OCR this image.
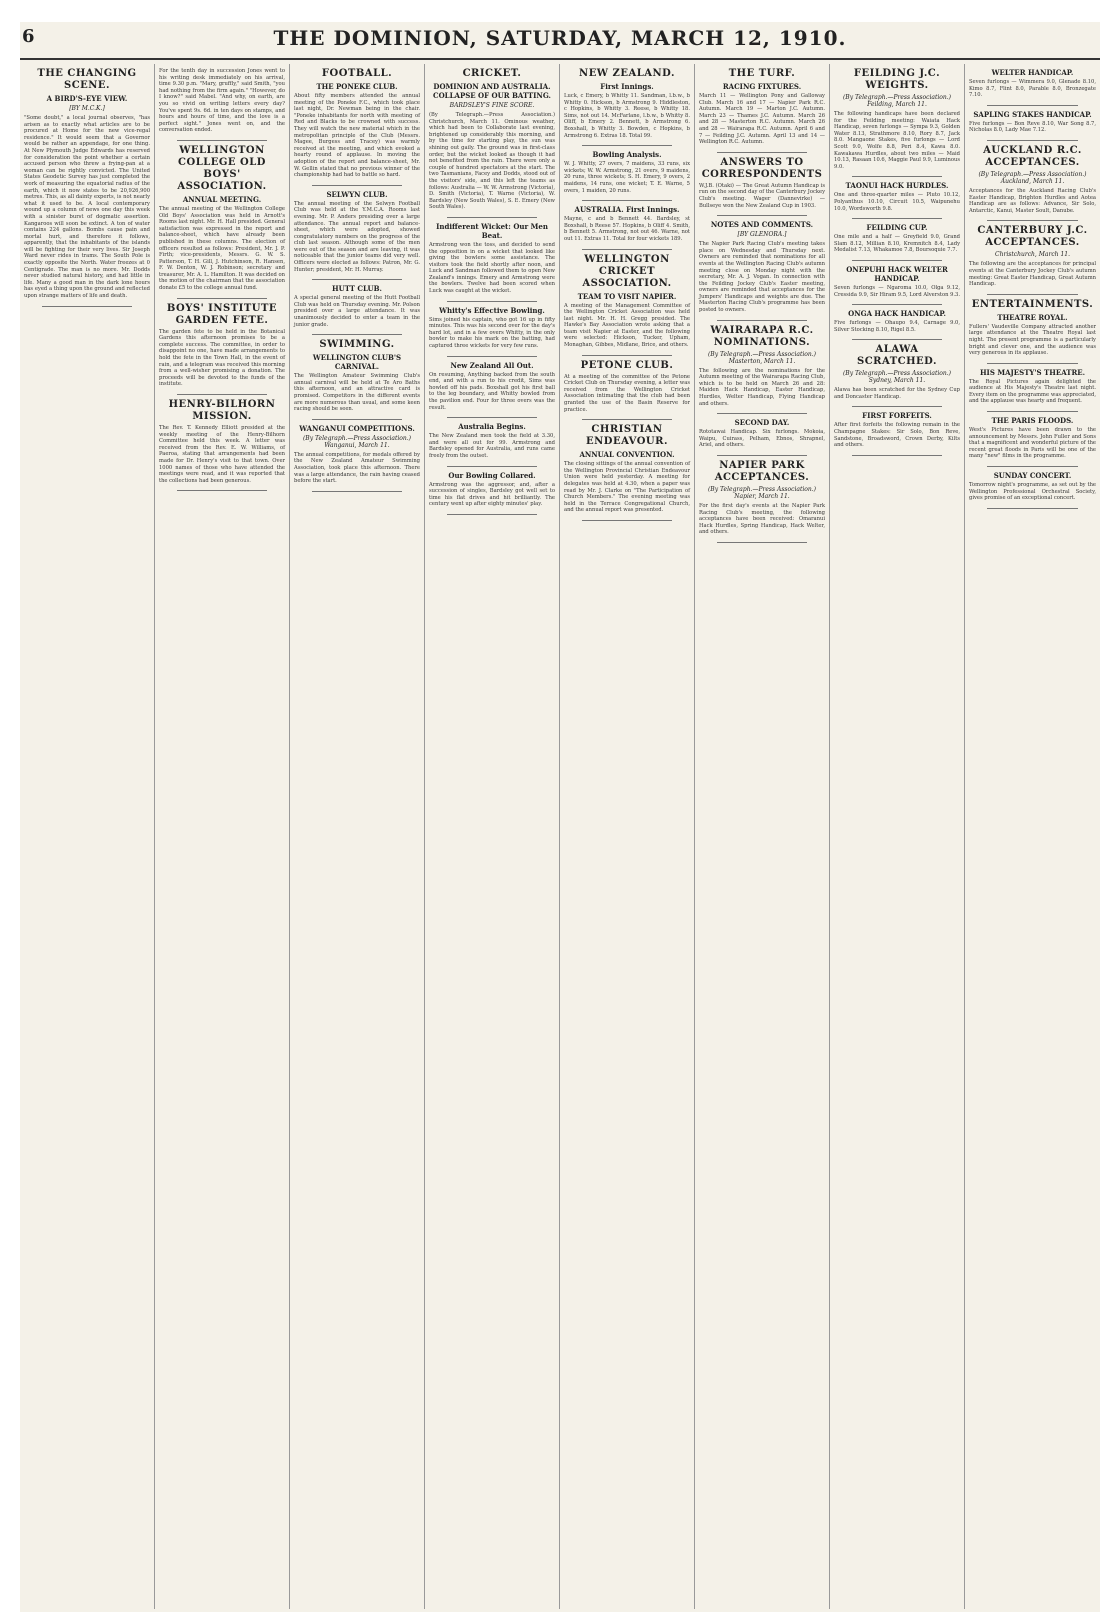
6	THE DOMINION, SATURDAY, MARCH 12, 1910.
THE CHANGING SCENE.
A BIRD'S-EYE VIEW.
[BY M.C.K.]
"Some doubt," a local journal observes, "has arisen as to exactly what articles are to be procured at Home for the new vice-regal residence." It would seem that a Governor would be rather an appendage, for one thing. At New Plymouth Judge Edwards has reserved for consideration the point whether a certain accused person who threw a frying-pan at a woman can be rightly convicted. The United States Geodetic Survey has just completed the work of measuring the equatorial radius of the earth, which it now states to be 20,926,900 metres. This, as all dainty experts, is not nearly what it used to be. A local contemporary wound up a column of news one day this week with a sinister burst of dogmatic assertion. Kangaroos will soon be extinct. A ton of water contains 224 gallons. Bombs cause pain and mortal hurt, and therefore it follows, apparently, that the inhabitants of the islands will be fighting for their very lives. Sir Joseph Ward never rides in trams. The South Pole is exactly opposite the North. Water freezes at 0 Centigrade. The man is no more. Mr. Dodds never studied natural history, and had little in life. Many a good man in the dark lone hours has eyed a thing upon the ground and reflected upon strange matters of life and death.
For the tenth day in succession Jones went to his writing desk immediately on his arrival, time 9.30 p.m. "Mary, gruffly," said Smith, "you had nothing from the firm again." "However, do I know?" said Mabel. "And why, on earth, are you so vivid on writing letters every day? You've spent 9s. 6d. in ten days on stamps, and hours and hours of time, and the love is a perfect sight." Jones went on, and the conversation ended.
WELLINGTON COLLEGE OLD BOYS' ASSOCIATION.
ANNUAL MEETING.
The annual meeting of the Wellington College Old Boys' Association was held in Arnott's Rooms last night. Mr. H. Hall presided. General satisfaction was expressed in the report and balance-sheet, which have already been published in these columns. The election of officers resulted as follows: President, Mr. J. P. Firth; vice-presidents, Messrs. G. W. S. Patterson, T. H. Gill, J. Hutchinson, R. Hansen, F. W. Denton, W. J. Robinson; secretary and treasurer, Mr. A. L. Hamilton. It was decided on the motion of the chairman that the association donate £5 to the college annual fund.
BOYS' INSTITUTE GARDEN FETE.
The garden fete to be held in the Botanical Gardens this afternoon promises to be a complete success. The committee, in order to disappoint no one, have made arrangements to hold the fete in the Town Hall, in the event of rain, and a telegram was received this morning from a well-wisher promising a donation. The proceeds will be devoted to the funds of the institute.
HENRY-BILHORN MISSION.
The Rev. T. Kennedy Elliott presided at the weekly meeting of the Henry-Bilhorn Committee held this week. A letter was received from the Rev. E. W. Williams, of Paeroa, stating that arrangements had been made for Dr. Henry's visit to that town. Over 1000 names of those who have attended the meetings were read, and it was reported that the collections had been generous.
FOOTBALL.
THE PONEKE CLUB.
About fifty members attended the annual meeting of the Poneke F.C., which took place last night, Dr. Newman being in the chair. "Poneke inhabitants for north with meeting of Red and Blacks to be crowned with success. They will watch the new material which in the metropolitan principle of the Club (Messrs. Magee, Burgess and Tracey) was warmly received at the meeting, and which evoked a hearty round of applause. In moving the adoption of the report and balance-sheet, Mr. W. Gellin stated that no previous winner of the championship had had to battle so hard.
SELWYN CLUB.
The annual meeting of the Selwyn Football Club was held at the Y.M.C.A. Rooms last evening. Mr. P. Anders presiding over a large attendance. The annual report and balance-sheet, which were adopted, showed congratulatory numbers on the progress of the club last season. Although some of the men were out of the season and are leaving, it was noticeable that the junior teams did very well. Officers were elected as follows: Patron, Mr. G. Hunter; president, Mr. H. Murray.
HUTT CLUB.
A special general meeting of the Hutt Football Club was held on Thursday evening. Mr. Polson presided over a large attendance. It was unanimously decided to enter a team in the junior grade.
SWIMMING.
WELLINGTON CLUB'S CARNIVAL.
The Wellington Amateur Swimming Club's annual carnival will be held at Te Aro Baths this afternoon, and an attractive card is promised. Competitors in the different events are more numerous than usual, and some keen racing should be seen.
WANGANUI COMPETITIONS.
(By Telegraph.—Press Association.) Wanganui, March 11.
The annual competitions, for medals offered by the New Zealand Amateur Swimming Association, took place this afternoon. There was a large attendance, the rain having ceased before the start.
CRICKET.
DOMINION AND AUSTRALIA. COLLAPSE OF OUR BATTING.
BARDSLEY'S FINE SCORE.
(By Telegraph.—Press Association.) Christchurch, March 11. Ominous weather, which had been to Collaborate last evening, brightened up considerably this morning, and by the time for starting play, the sun was shining out gaily. The ground was in first-class order, but the wicket looked as though it had not benefited from the rain. There were only a couple of hundred spectators at the start. The two Tasmanians, Facey and Dodds, stood out of the visitors' side, and this left the teams as follows: Australia — W. W. Armstrong (Victoria), D. Smith (Victoria), T. Warne (Victoria), W. Bardsley (New South Wales), S. E. Emery (New South Wales).
Indifferent Wicket: Our Men Beat.
Armstrong won the toss, and decided to send the opposition in on a wicket that looked like giving the bowlers some assistance. The visitors took the field shortly after noon, and Luck and Sandman followed them to open New Zealand's innings. Emery and Armstrong were the bowlers. Twelve had been scored when Luck was caught at the wicket.
Whitty's Effective Bowling.
Sims joined his captain, who got 16 up in fifty minutes. This was his second over for the day's hard lot, and in a few overs Whitty, in the only bowler to make his mark on the batting, had captured three wickets for very few runs.
New Zealand All Out.
On resuming, Anything backed from the south end, and with a run to his credit, Sims was howled off his pads. Boxshall got his first ball to the leg boundary, and Whitty bowled from the pavilion end. Four for three overs was the result.
Australia Begins.
The New Zealand men took the field at 3.30, and were all out for 99. Armstrong and Bardsley opened for Australia, and runs came freely from the outset.
Our Bowling Collared.
Armstrong was the aggressor, and, after a succession of singles, Bardsley got well set to time his flat drives and hit brilliantly. The century went up after eighty minutes' play.
NEW ZEALAND.
First Innings.
Luck, c Emery, b Whitty 11. Sandman, l.b.w., b Whitty 0. Hickson, b Armstrong 9. Hiddleston, c Hopkins, b Whitty 3. Reese, b Whitty 18. Sims, not out 14. McFarlane, l.b.w., b Whitty 8. Oliff, b Emery 2. Bennett, b Armstrong 6. Boxshall, b Whitty 3. Bowden, c Hopkins, b Armstrong 6. Extras 18. Total 99.
Bowling Analysis.
W. J. Whitty, 27 overs, 7 maidens, 33 runs, six wickets; W. W. Armstrong, 21 overs, 9 maidens, 20 runs, three wickets; S. H. Emery, 9 overs, 2 maidens, 14 runs, one wicket; T. E. Warne, 5 overs, 1 maiden, 20 runs.
AUSTRALIA. First Innings.
Mayne, c and b Bennett 44. Bardsley, st Boxshall, b Reese 57. Hopkins, b Oliff 4. Smith, b Bennett 5. Armstrong, not out 46. Warne, not out 11. Extras 11. Total for four wickets 189.
WELLINGTON CRICKET ASSOCIATION.
TEAM TO VISIT NAPIER.
A meeting of the Management Committee of the Wellington Cricket Association was held last night. Mr. H. H. Gregg presided. The Hawke's Bay Association wrote asking that a team visit Napier at Easter, and the following were selected: Hickson, Tucker, Upham, Monaghan, Gibbes, Midlane, Brice, and others.
PETONE CLUB.
At a meeting of the committee of the Petone Cricket Club on Thursday evening, a letter was received from the Wellington Cricket Association intimating that the club had been granted the use of the Basin Reserve for practice.
CHRISTIAN ENDEAVOUR.
ANNUAL CONVENTION.
The closing sittings of the annual convention of the Wellington Provincial Christian Endeavour Union were held yesterday. A meeting for delegates was held at 4.30, when a paper was read by Mr. J. Clarke on "The Participation of Church Members." The evening meeting was held in the Terrace Congregational Church, and the annual report was presented.
THE TURF.
RACING FIXTURES.
March 11 — Wellington Pony and Galloway Club. March 16 and 17 — Napier Park R.C. Autumn. March 19 — Marton J.C. Autumn. March 23 — Thames J.C. Autumn. March 26 and 28 — Masterton R.C. Autumn. March 26 and 28 — Wairarapa R.C. Autumn. April 6 and 7 — Feilding J.C. Autumn. April 13 and 14 — Wellington R.C. Autumn.
ANSWERS TO CORRESPONDENTS
W.J.B. (Otaki) — The Great Autumn Handicap is run on the second day of the Canterbury Jockey Club's meeting. Wager (Dannevirke) — Bullseye won the New Zealand Cup in 1903.
NOTES AND COMMENTS.
[BY GLENORA.]
The Napier Park Racing Club's meeting takes place on Wednesday and Thursday next. Owners are reminded that nominations for all events at the Wellington Racing Club's autumn meeting close on Monday night with the secretary, Mr. A. J. Vogan. In connection with the Feilding Jockey Club's Easter meeting, owners are reminded that acceptances for the Jumpers' Handicaps and weights are due. The Masterton Racing Club's programme has been posted to owners.
WAIRARAPA R.C. NOMINATIONS.
(By Telegraph.—Press Association.) Masterton, March 11.
The following are the nominations for the Autumn meeting of the Wairarapa Racing Club, which is to be held on March 26 and 28: Maiden Hack Handicap, Easter Handicap, Hurdles, Welter Handicap, Flying Handicap and others.
SECOND DAY.
Rototawai Handicap. Six furlongs. Mokoia, Waipu, Cuirass, Pelham, Ebnos, Shrapnel, Ariel, and others.
NAPIER PARK ACCEPTANCES.
(By Telegraph.—Press Association.) Napier, March 11.
For the first day's events at the Napier Park Racing Club's meeting, the following acceptances have been received: Omaranui Hack Hurdles, Spring Handicap, Hack Welter, and others.
FEILDING J.C. WEIGHTS.
(By Telegraph.—Press Association.) Feilding, March 11.
The following handicaps have been declared for the Feilding meeting: Waiata Hack Handicap, seven furlongs — Sympa 9.3, Golden Water 8.13, Strathmore 8.10, Rory 8.7, Jack 8.0. Mangaone Stakes, five furlongs — Lord Scott 9.0, Wolfe 8.8, Peri 8.4, Kawa 8.0. Kawakawa Hurdles, about two miles — Maid 10.13, Rasaan 10.6, Maggie Paul 9.9, Luminous 9.0.
TAONUI HACK HURDLES.
One and three-quarter miles — Pluto 10.12, Polyanthus 10.10, Circuit 10.5, Waipunehu 10.0, Wordsworth 9.8.
FEILDING CUP.
One mile and a half — Greyfield 9.0, Grand Slam 8.12, Millian 8.10, Kremnitch 8.4, Lady Medalist 7.13, Whakamoe 7.8, Boursoquie 7.7.
ONEPUHI HACK WELTER HANDICAP.
Seven furlongs — Ngaroma 10.0, Olga 9.12, Cressida 9.9, Sir Hiram 9.5, Lord Alverston 9.3.
ONGA HACK HANDICAP.
Five furlongs — Ohaupo 9.4, Carnage 9.0, Silver Stocking 8.10, Rigel 8.5.
ALAWA SCRATCHED.
(By Telegraph.—Press Association.) Sydney, March 11.
Alawa has been scratched for the Sydney Cup and Doncaster Handicap.
FIRST FORFEITS.
After first forfeits the following remain in the Champagne Stakes: Sir Solo, Bon Reve, Sandstone, Broadsword, Crown Derby, Kilts and others.
WELTER HANDICAP.
Seven furlongs — Wimmera 9.0, Glenade 8.10, Kimo 8.7, Flint 8.0, Parable 8.0, Bronzegate 7.10.
SAPLING STAKES HANDICAP.
Five furlongs — Bon Reve 8.10, War Song 8.7, Nicholas 8.0, Lady Mae 7.12.
AUCKLAND R.C. ACCEPTANCES.
(By Telegraph.—Press Association.) Auckland, March 11.
Acceptances for the Auckland Racing Club's Easter Handicap, Brighton Hurdles and Aotea Handicap are as follows: Advance, Sir Solo, Antarctic, Kanui, Master Soult, Danube.
CANTERBURY J.C. ACCEPTANCES.
Christchurch, March 11.
The following are the acceptances for principal events at the Canterbury Jockey Club's autumn meeting: Great Easter Handicap, Great Autumn Handicap.
ENTERTAINMENTS.
THEATRE ROYAL.
Fullers' Vaudeville Company attracted another large attendance at the Theatre Royal last night. The present programme is a particularly bright and clever one, and the audience was very generous in its applause.
HIS MAJESTY'S THEATRE.
The Royal Pictures again delighted the audience at His Majesty's Theatre last night. Every item on the programme was appreciated, and the applause was hearty and frequent.
THE PARIS FLOODS.
West's Pictures have been drawn to the announcement by Messrs. John Fuller and Sons that a magnificent and wonderful picture of the recent great floods in Paris will be one of the many "new" films in the programme.
SUNDAY CONCERT.
Tomorrow night's programme, as set out by the Wellington Professional Orchestral Society, gives promise of an exceptional concert.
